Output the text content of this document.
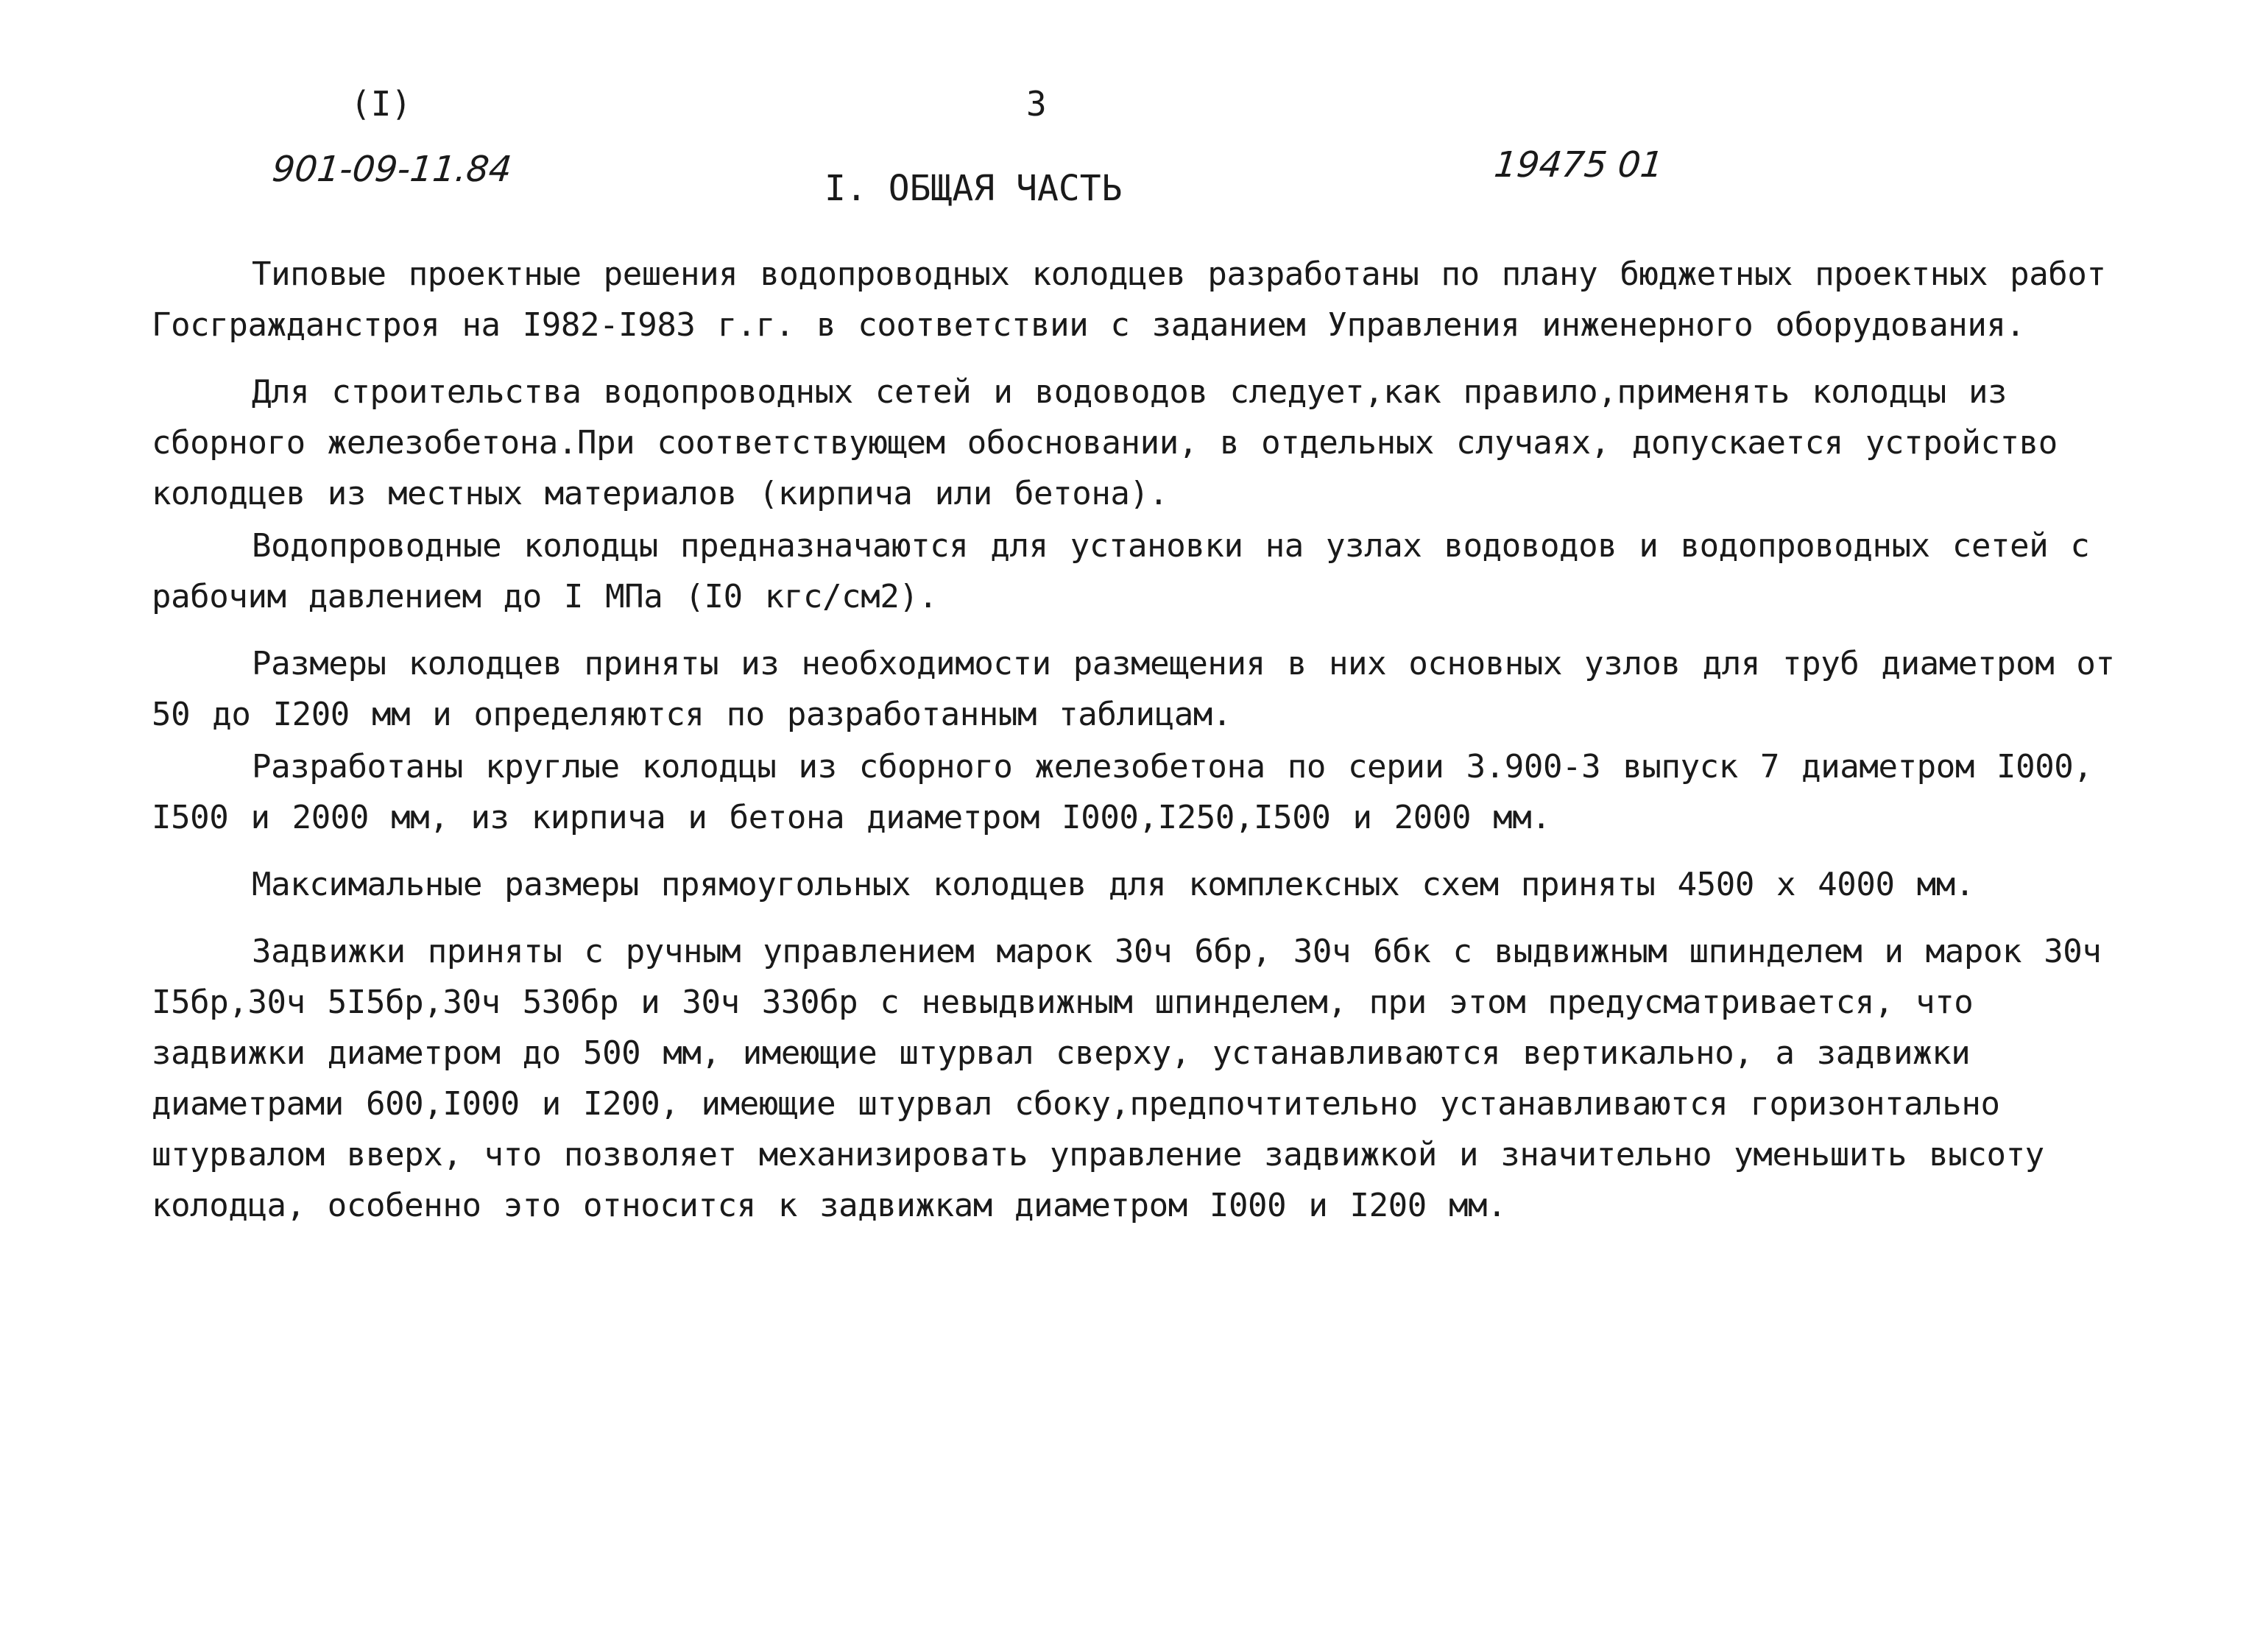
(I)	3
901-09-11.84	19475 01
I. ОБЩАЯ ЧАСТЬ

Типовые проектные решения водопроводных колодцев разработаны по плану бюджетных проектных работ Госгражданстроя на I982-I983 г.г. в соответствии с заданием Управления инженерного оборудования.

Для строительства водопроводных сетей и водоводов следует,как правило,применять колодцы из сборного железобетона.При соответствующем обосновании, в отдельных случаях, допускается устройство колодцев из местных материалов (кирпича или бетона).

Водопроводные колодцы предназначаются для установки на узлах водоводов и водопроводных сетей с рабочим давлением до I МПа (I0 кгс/см2).

Размеры колодцев приняты из необходимости размещения в них основных узлов для труб диаметром от 50 до I200 мм и определяются по разработанным таблицам.

Разработаны круглые колодцы из сборного железобетона по серии 3.900-3 выпуск 7 диаметром I000, I500 и 2000 мм, из кирпича и бетона диаметром I000,I250,I500 и 2000 мм.

Максимальные размеры прямоугольных колодцев для комплексных схем приняты 4500 х 4000 мм.

Задвижки приняты с ручным управлением марок 30ч 6бр, 30ч 6бк с выдвижным шпинделем и марок 30ч I5бр,30ч 5I5бр,30ч 530бр и 30ч 330бр с невыдвижным шпинделем, при этом предусматривается, что задвижки диаметром до 500 мм, имеющие штурвал сверху, устанавливаются вертикально, а задвижки диаметрами 600,I000 и I200, имеющие штурвал сбоку,предпочтительно устанавливаются горизонтально штурвалом вверх, что позволяет механизировать управление задвижкой и значительно уменьшить высоту колодца, особенно это относится к задвижкам диаметром I000 и I200 мм.
